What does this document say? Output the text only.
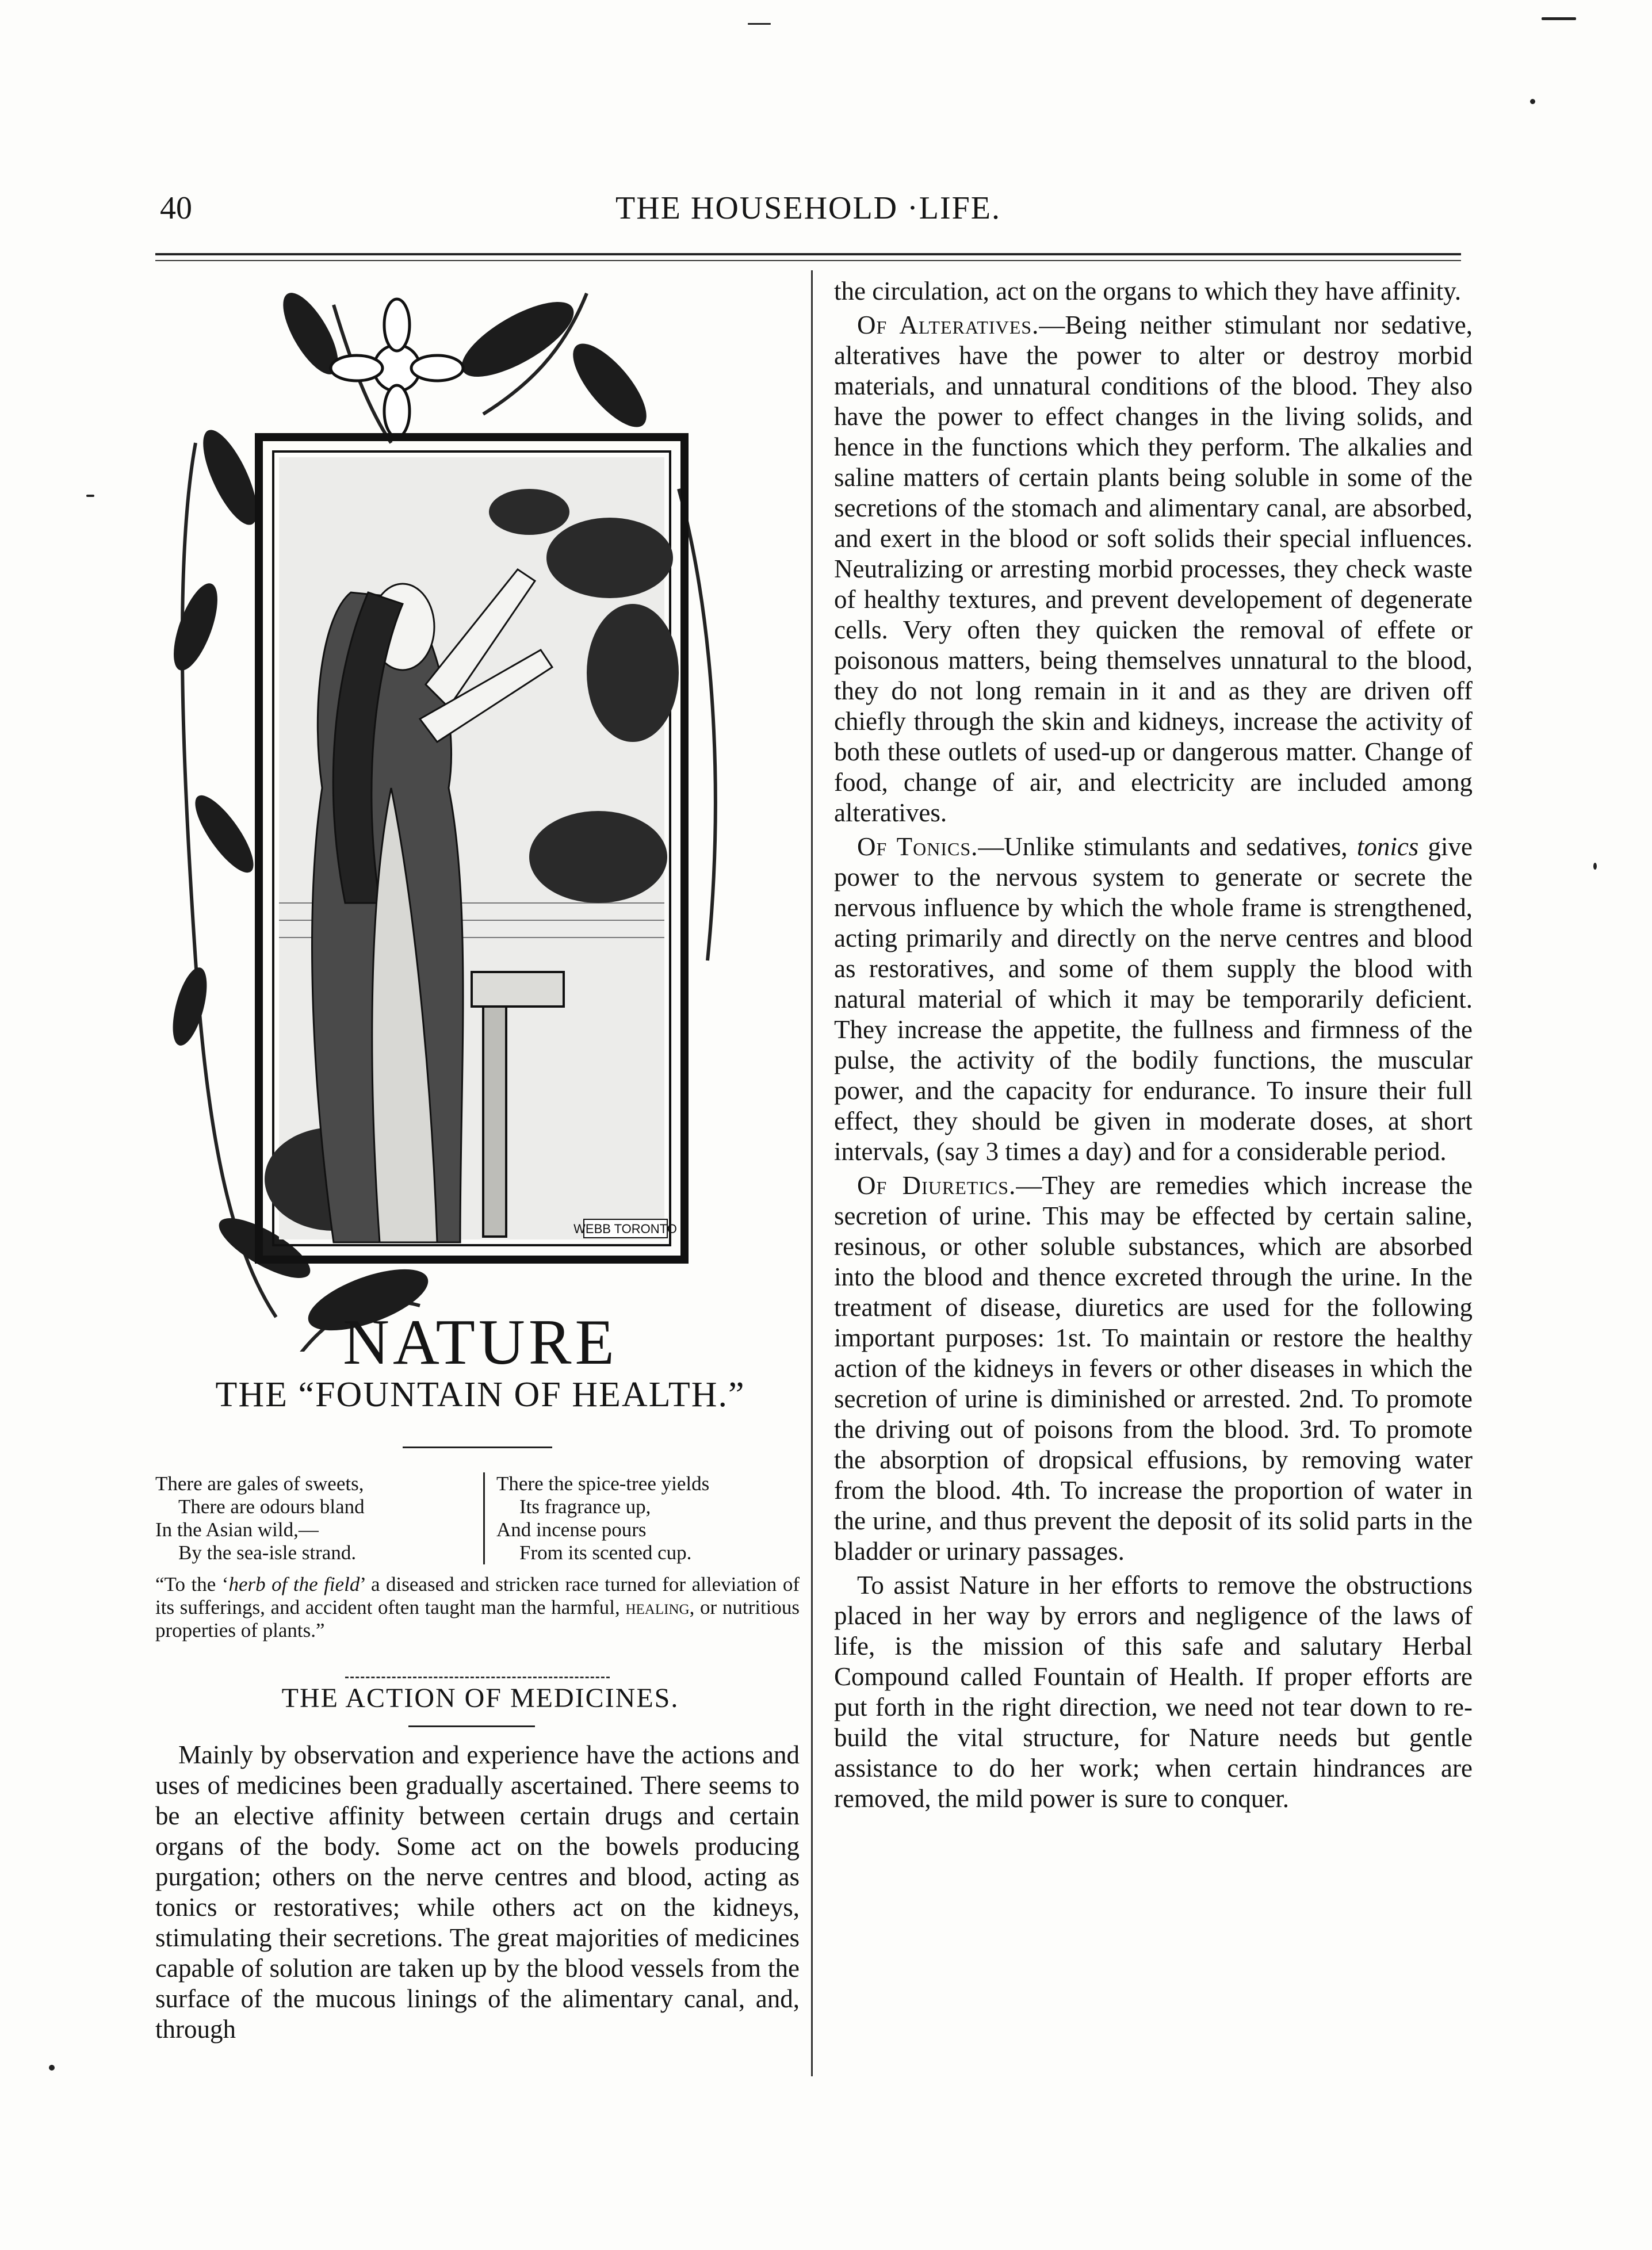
40	THE HOUSEHOLD ·LIFE.
WEBB TORONTO
NATURE
THE “FOUNTAIN OF HEALTH.”
There are gales of sweets,
There are odours bland
In the Asian wild,—
By the sea-isle strand.
There the spice-tree yields
Its fragrance up,
And incense pours
From its scented cup.
“To the ‘herb of the field’ a diseased and stricken race turned for alleviation of its sufferings, and accident often taught man the harmful, healing, or nutritious properties of plants.”
THE ACTION OF MEDICINES.

Mainly by observation and experience have the actions and uses of medicines been gradually ascertained. There seems to be an elective affinity between certain drugs and certain organs of the body. Some act on the bowels producing purgation; others on the nerve centres and blood, acting as tonics or restoratives; while others act on the kidneys, stimulating their secretions. The great majorities of medicines capable of solution are taken up by the blood vessels from the surface of the mucous linings of the alimentary canal, and, through

the circulation, act on the organs to which they have affinity.

Of Alteratives.—Being neither stimulant nor sedative, alteratives have the power to alter or destroy morbid materials, and unnatural conditions of the blood. They also have the power to effect changes in the living solids, and hence in the functions which they perform. The alkalies and saline matters of certain plants being soluble in some of the secretions of the stomach and alimentary canal, are absorbed, and exert in the blood or soft solids their special influences. Neutralizing or arresting morbid processes, they check waste of healthy textures, and prevent developement of degenerate cells. Very often they quicken the removal of effete or poisonous matters, being themselves unnatural to the blood, they do not long remain in it and as they are driven off chiefly through the skin and kidneys, increase the activity of both these outlets of used-up or dangerous matter. Change of food, change of air, and electricity are included among alteratives.

Of Tonics.—Unlike stimulants and sedatives, tonics give power to the nervous system to generate or secrete the nervous influence by which the whole frame is strengthened, acting primarily and directly on the nerve centres and blood as restoratives, and some of them supply the blood with natural material of which it may be temporarily deficient. They increase the appetite, the fullness and firmness of the pulse, the activity of the bodily functions, the muscular power, and the capacity for endurance. To insure their full effect, they should be given in moderate doses, at short intervals, (say 3 times a day) and for a considerable period.

Of Diuretics.—They are remedies which increase the secretion of urine. This may be effected by certain saline, resinous, or other soluble substances, which are absorbed into the blood and thence excreted through the urine. In the treatment of disease, diuretics are used for the following important purposes: 1st. To maintain or restore the healthy action of the kidneys in fevers or other diseases in which the secretion of urine is diminished or arrested. 2nd. To promote the driving out of poisons from the blood. 3rd. To promote the absorption of dropsical effusions, by removing water from the blood. 4th. To increase the proportion of water in the urine, and thus prevent the deposit of its solid parts in the bladder or urinary passages.

To assist Nature in her efforts to remove the obstructions placed in her way by errors and negligence of the laws of life, is the mission of this safe and salutary Herbal Compound called Fountain of Health. If proper efforts are put forth in the right direction, we need not tear down to re-build the vital structure, for Nature needs but gentle assistance to do her work; when certain hindrances are removed, the mild power is sure to conquer.
